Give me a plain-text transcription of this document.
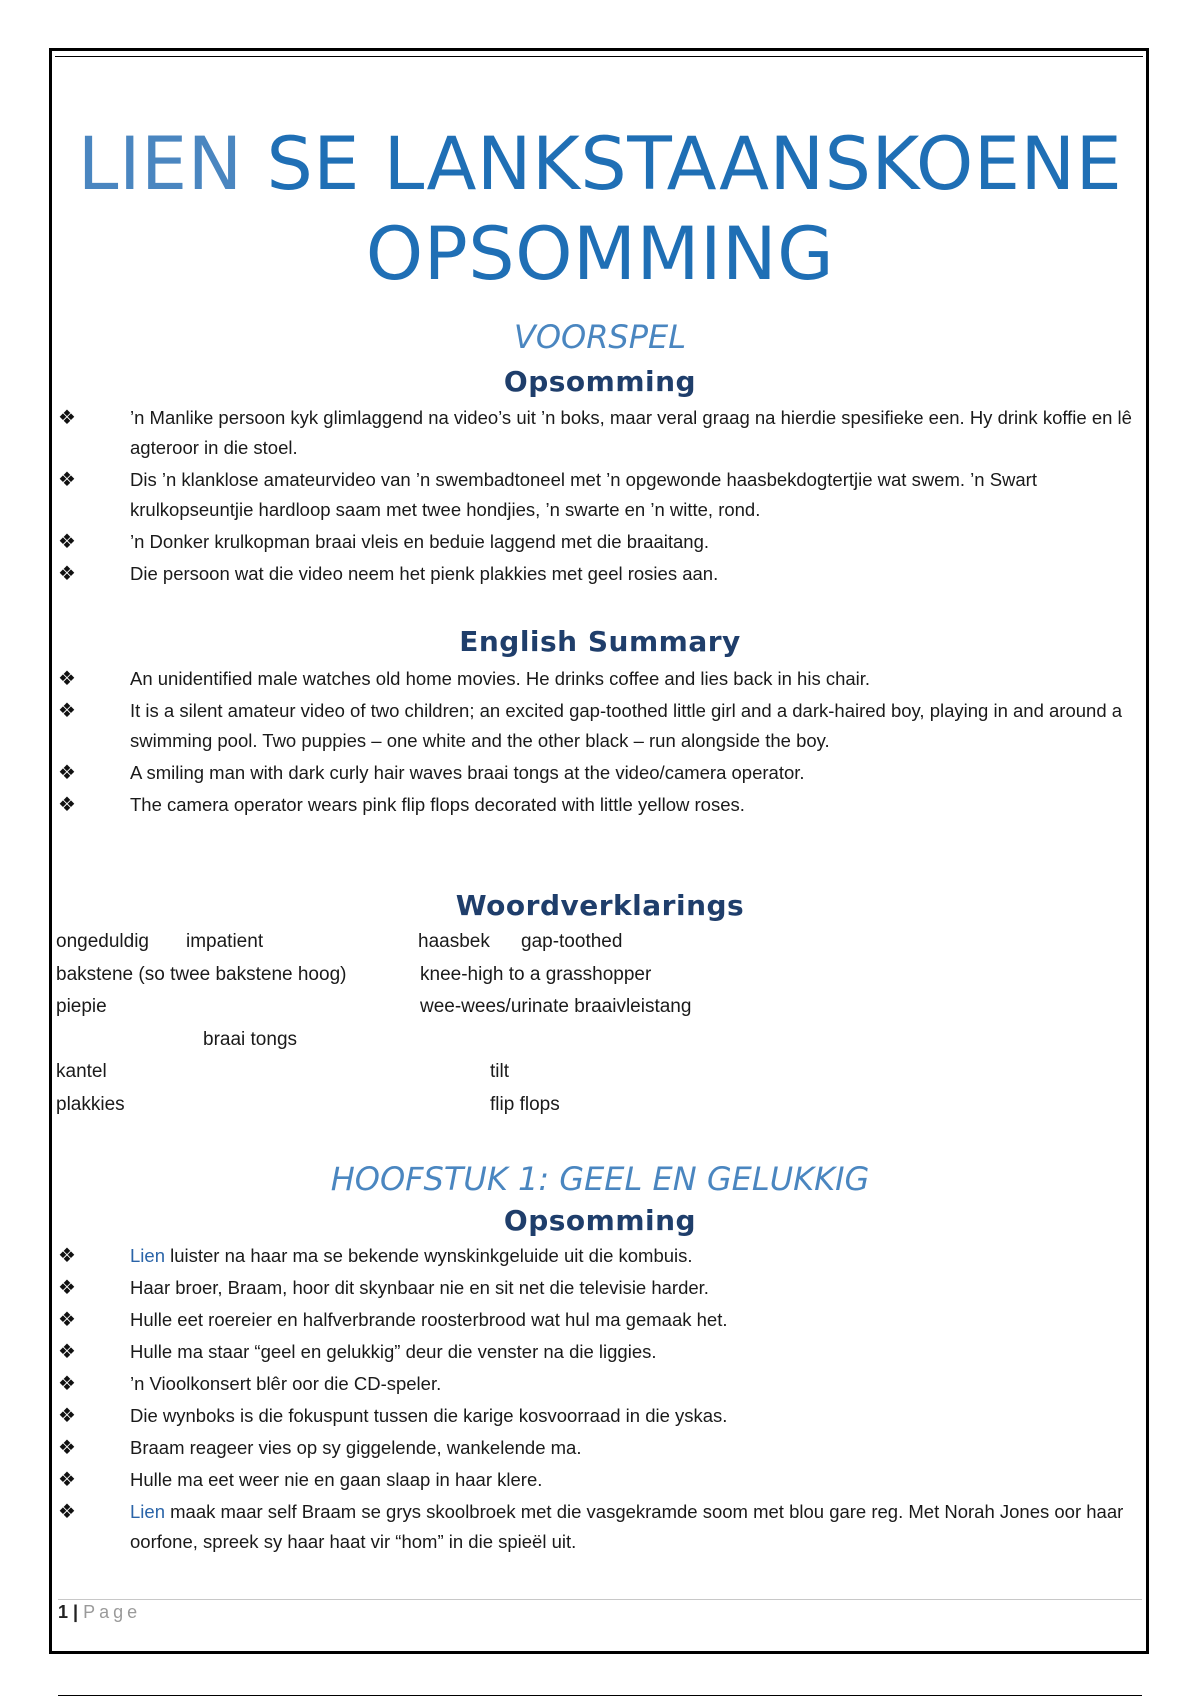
LIEN SE LANKSTAANSKOENE
OPSOMMING
VOORSPEL
Opsomming
❖	’n Manlike persoon kyk glimlaggend na video’s uit ’n boks, maar veral graag na hierdie spesifieke een. Hy drink koffie en lê agteroor in die stoel.
❖	Dis ’n klanklose amateurvideo van ’n swembadtoneel met ’n opgewonde haasbekdogtertjie wat swem. ’n Swart krulkopseuntjie hardloop saam met twee hondjies, ’n swarte en ’n witte, rond.
❖	’n Donker krulkopman braai vleis en beduie laggend met die braaitang.
❖	Die persoon wat die video neem het pienk plakkies met geel rosies aan.
English Summary
❖	An unidentified male watches old home movies. He drinks coffee and lies back in his chair.
❖	It is a silent amateur video of two children; an excited gap-toothed little girl and a dark-haired boy, playing in and around a swimming pool. Two puppies – one white and the other black – run alongside the boy.
❖	A smiling man with dark curly hair waves braai tongs at the video/camera operator.
❖	The camera operator wears pink flip flops decorated with little yellow roses.
Woordverklarings
ongeduldig impatient	haasbek gap-toothed
bakstene (so twee bakstene hoog)	knee-high to a grasshopper
piepie	wee-wees/urinate braaivleistang
braai tongs
kantel	tilt
plakkies	flip flops
HOOFSTUK 1: GEEL EN GELUKKIG
Opsomming
❖	Lien luister na haar ma se bekende wynskinkgeluide uit die kombuis.
❖	Haar broer, Braam, hoor dit skynbaar nie en sit net die televisie harder.
❖	Hulle eet roereier en halfverbrande roosterbrood wat hul ma gemaak het.
❖	Hulle ma staar “geel en gelukkig” deur die venster na die liggies.
❖	’n Vioolkonsert blêr oor die CD-speler.
❖	Die wynboks is die fokuspunt tussen die karige kosvoorraad in die yskas.
❖	Braam reageer vies op sy giggelende, wankelende ma.
❖	Hulle ma eet weer nie en gaan slaap in haar klere.
❖	Lien maak maar self Braam se grys skoolbroek met die vasgekramde soom met blou gare reg. Met Norah Jones oor haar oorfone, spreek sy haar haat vir “hom” in die spieël uit.
1 | Page
